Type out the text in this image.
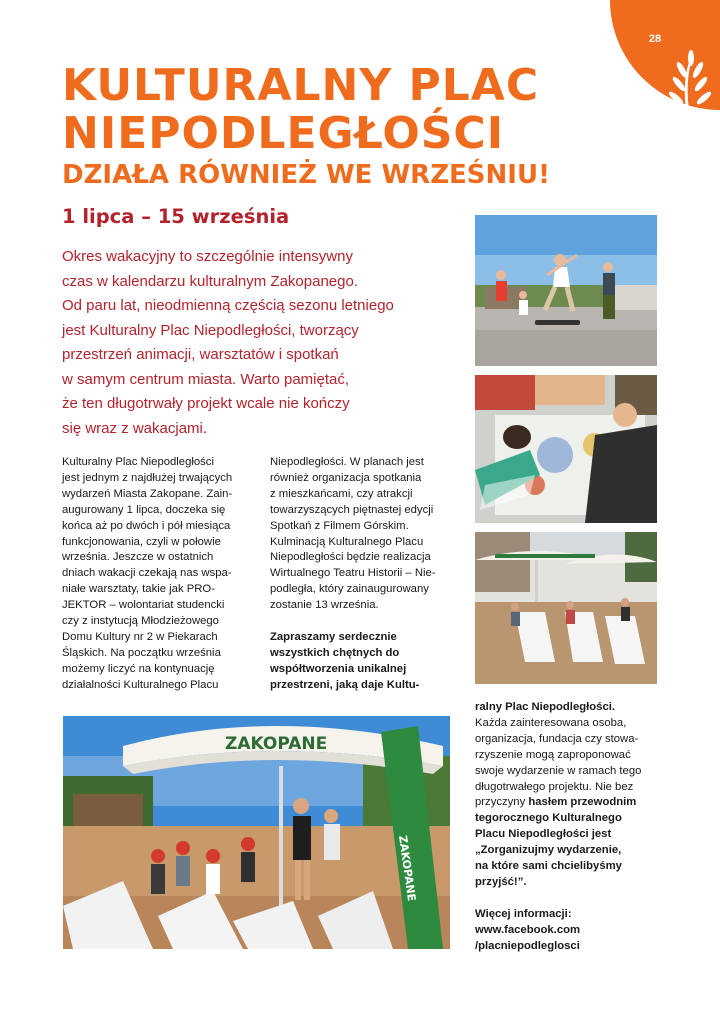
28
KULTURALNY PLAC
NIEPODLEGŁOŚCI
DZIAŁA RÓWNIEŻ WE WRZEŚNIU!
1 lipca – 15 września

Okres wakacyjny to szczególnie intensywny
czas w kalendarzu kulturalnym Zakopanego.
Od paru lat, nieodmienną częścią sezonu letniego
jest Kulturalny Plac Niepodległości, tworzący
przestrzeń animacji, warsztatów i spotkań
w samym centrum miasta. Warto pamiętać,
że ten długotrwały projekt wcale nie kończy
się wraz z wakacjami.

Kulturalny Plac Niepodległości
jest jednym z najdłużej trwających
wydarzeń Miasta Zakopane. Zain-
augurowany 1 lipca, doczeka się
końca aż po dwóch i pół miesiąca
funkcjonowania, czyli w połowie
września. Jeszcze w ostatnich
dniach wakacji czekają nas wspa-
niałe warsztaty, takie jak PRO-
JEKTOR – wolontariat studencki
czy z instytucją Młodzieżowego
Domu Kultury nr 2 w Piekarach
Śląskich. Na początku września
możemy liczyć na kontynuację
działalności Kulturalnego Placu
Niepodległości. W planach jest
również organizacja spotkania
z mieszkańcami, czy atrakcji
towarzyszących piętnastej edycji
Spotkań z Filmem Górskim.
Kulminacją Kulturalnego Placu
Niepodległości będzie realizacja
Wirtualnego Teatru Historii – Nie-
podległa, który zainaugurowany
zostanie 13 września.
Zapraszamy serdecznie
wszystkich chętnych do
współtworzenia unikalnej
przestrzeni, jaką daje Kultu-
ralny Plac Niepodległości.
Każda zainteresowana osoba,
organizacja, fundacja czy stowa-
rzyszenie mogą zaproponować
swoje wydarzenie w ramach tego
długotrwałego projektu. Nie bez
przyczyny hasłem przewodnim
tegorocznego Kulturalnego
Placu Niepodległości jest
„Zorganizujmy wydarzenie,
na które sami chcielibyśmy
przyjść!”.
Więcej informacji:
www.facebook.com
/placniepodleglosci
ZAKOPANE
ZAKOPANE
